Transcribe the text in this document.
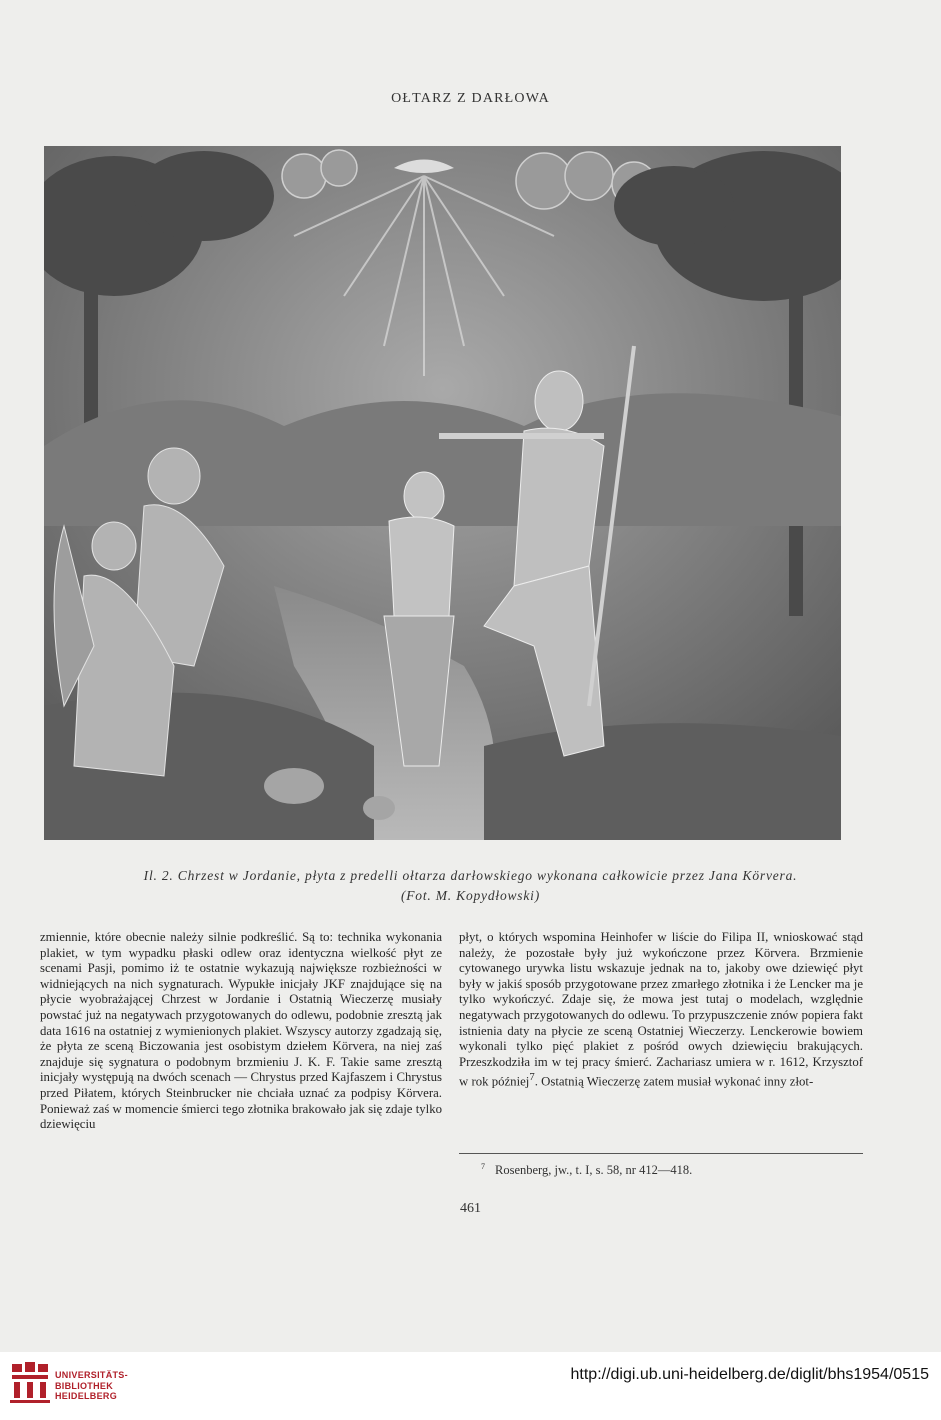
OŁTARZ Z DARŁOWA
Il. 2. Chrzest w Jordanie, płyta z predelli ołtarza darłowskiego wykonana całkowicie przez Jana Körvera.
(Fot. M. Kopydłowski)

zmiennie, które obecnie należy silnie podkreślić. Są to: technika wykonania plakiet, w tym wypadku płaski odlew oraz identyczna wielkość płyt ze scenami Pasji, pomimo iż te ostatnie wykazują największe rozbieżności w widniejących na nich sygnaturach. Wypukłe inicjały JKF znajdujące się na płycie wyobrażającej Chrzest w Jordanie i Ostatnią Wieczerzę musiały powstać już na negatywach przygotowanych do odlewu, podobnie zresztą jak data 1616 na ostatniej z wymienionych plakiet. Wszyscy autorzy zgadzają się, że płyta ze sceną Biczowania jest osobistym dziełem Körvera, na niej zaś znajduje się sygnatura o podobnym brzmieniu J. K. F. Takie same zresztą inicjały występują na dwóch scenach — Chrystus przed Kajfaszem i Chrystus przed Piłatem, których Steinbrucker nie chciała uznać za podpisy Körvera. Ponieważ zaś w momencie śmierci tego złotnika brakowało jak się zdaje tylko dziewięciu

płyt, o których wspomina Heinhofer w liście do Filipa II, wnioskować stąd należy, że pozostałe były już wykończone przez Körvera. Brzmienie cytowanego urywka listu wskazuje jednak na to, jakoby owe dziewięć płyt były w jakiś sposób przygotowane przez zmarłego złotnika i że Lencker ma je tylko wykończyć. Zdaje się, że mowa jest tutaj o modelach, względnie negatywach przygotowanych do odlewu. To przypuszczenie znów popiera fakt istnienia daty na płycie ze sceną Ostatniej Wieczerzy. Lenckerowie bowiem wykonali tylko pięć plakiet z pośród owych dziewięciu brakujących. Przeszkodziła im w tej pracy śmierć. Zachariasz umiera w r. 1612, Krzysztof w rok później$^7$. Ostatnią Wieczerzę zatem musiał wykonać inny złot-

$^7$ Rosenberg, jw., t. I, s. 58, nr 412—418.
461
UNIVERSITÄTS-
BIBLIOTHEK
HEIDELBERG
http://digi.ub.uni-heidelberg.de/diglit/bhs1954/0515
